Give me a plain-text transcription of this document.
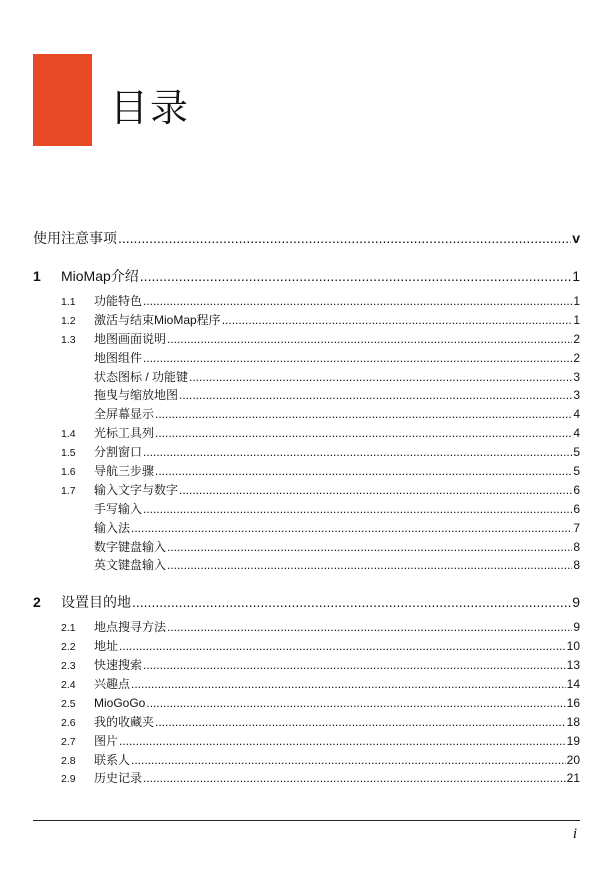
目录
使用注意事项 .....	v
1	MioMap介绍 .....	1
1.1	功能特色 .....	1
1.2	激活与结束MioMap程序 .....	1
1.3	地图画面说明 .....	2
地图组件 .....	2
状态图标 / 功能键 .....	3
拖曳与缩放地图 .....	3
全屏幕显示 .....	4
1.4	光标工具列 .....	4
1.5	分割窗口 .....	5
1.6	导航三步骤 .....	5
1.7	输入文字与数字 .....	6
手写输入 .....	6
输入法 .....	7
数字键盘输入 .....	8
英文键盘输入 .....	8
2	设置目的地 .....	9
2.1	地点搜寻方法 .....	9
2.2	地址 .....	10
2.3	快速搜索 .....	13
2.4	兴趣点 .....	14
2.5	MioGoGo .....	16
2.6	我的收藏夹 .....	18
2.7	图片 .....	19
2.8	联系人 .....	20
2.9	历史记录 .....	21
i
